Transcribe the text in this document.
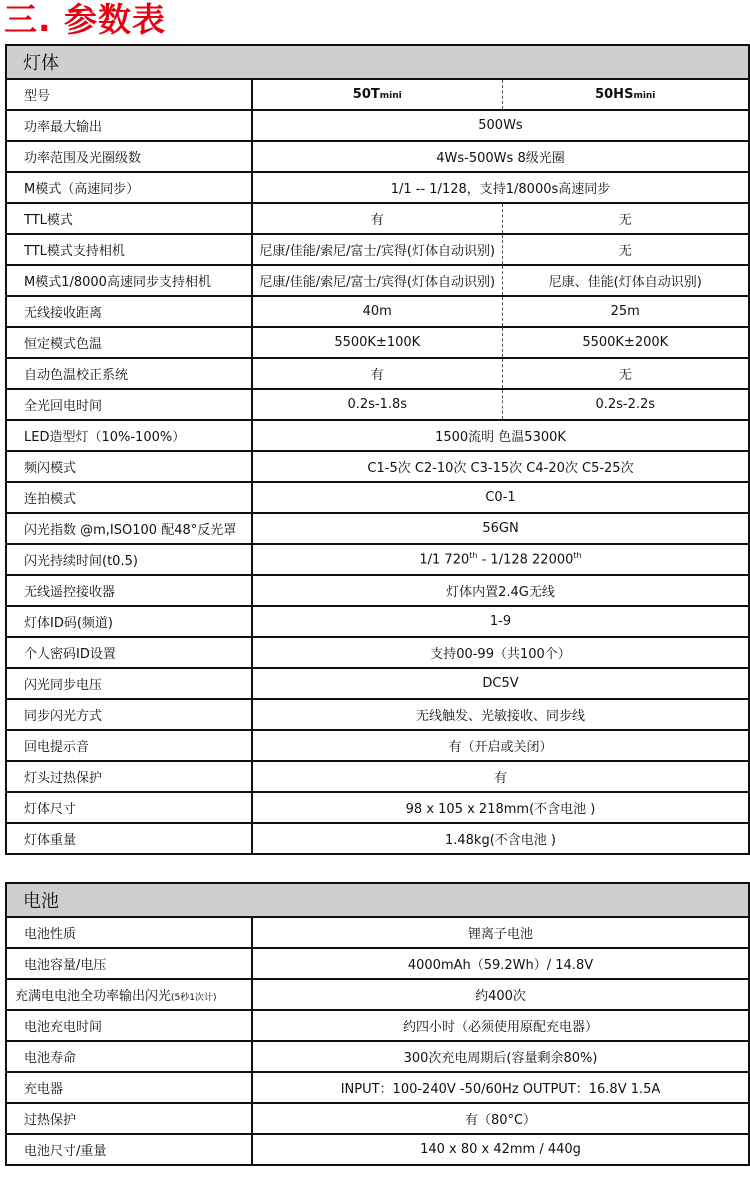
三. 参数表
灯体		
型号	50Tmini	50HSmini
功率最大输出	500Ws	
功率范围及光圈级数	4Ws-500Ws 8级光圈	
M模式（高速同步）	1/1 -- 1/128，支持1/8000s高速同步	
TTL模式	有	无
TTL模式支持相机	尼康/佳能/索尼/富士/宾得(灯体自动识别)	无
M模式1/8000高速同步支持相机	尼康/佳能/索尼/富士/宾得(灯体自动识别)	尼康、佳能(灯体自动识别)
无线接收距离	40m	25m
恒定模式色温	5500K±100K	5500K±200K
自动色温校正系统	有	无
全光回电时间	0.2s-1.8s	0.2s-2.2s
LED造型灯（10%-100%）	1500流明 色温5300K	
频闪模式	C1-5次 C2-10次 C3-15次 C4-20次 C5-25次	
连拍模式	C0-1	
闪光指数 @m,ISO100 配48°反光罩	56GN	
闪光持续时间(t0.5)	1/1 720th - 1/128 22000th
无线遥控接收器	灯体内置2.4G无线	
灯体ID码(频道)	1-9	
个人密码ID设置	支持00-99（共100个）	
闪光同步电压	DC5V	
同步闪光方式	无线触发、光敏接收、同步线	
回电提示音	有（开启或关闭）	
灯头过热保护	有	
灯体尺寸	98 x 105 x 218mm(不含电池 )	
灯体重量	1.48kg(不含电池 )	
电池	
电池性质	锂离子电池
电池容量/电压	4000mAh（59.2Wh）/ 14.8V
充满电电池全功率输出闪光(5秒1次计)	约400次
电池充电时间	约四小时（必须使用原配充电器）
电池寿命	300次充电周期后(容量剩余80%)
充电器	INPUT：100-240V -50/60Hz OUTPUT：16.8V 1.5A
过热保护	有（80°C）
电池尺寸/重量	140 x 80 x 42mm / 440g
